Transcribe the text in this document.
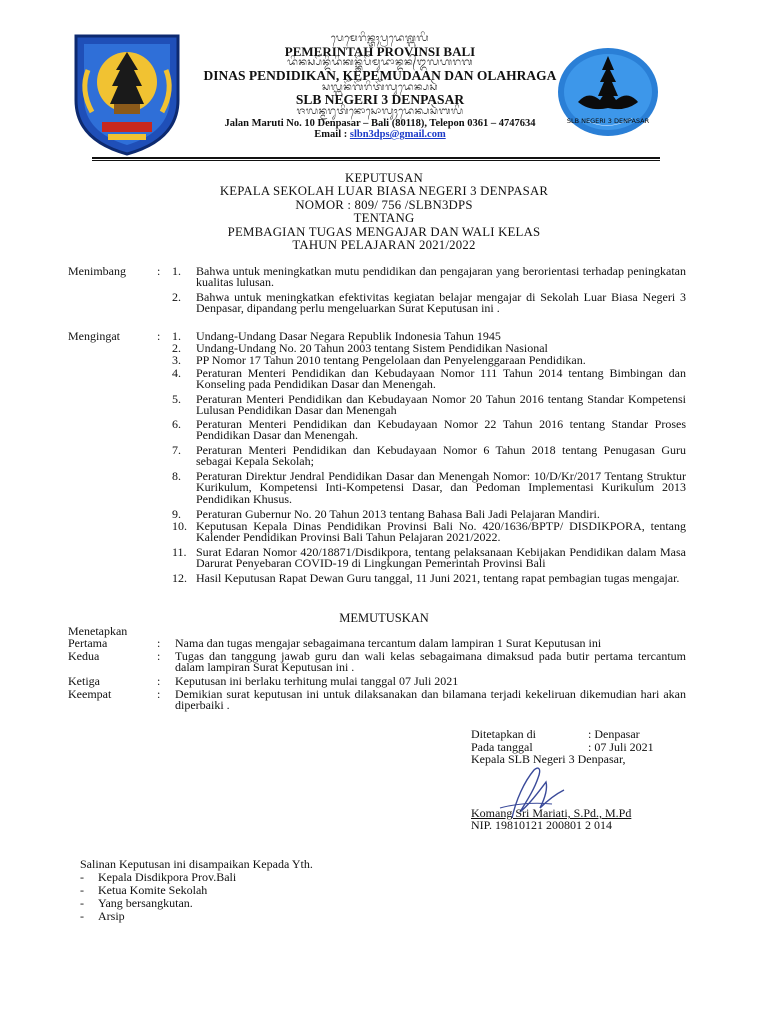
SLB NEGERI 3 DENPASAR
ᬧᬾᬫᬾᬭᬶᬦ᭄ᬢᬄᬧ᭄ᬭᬤᬾᬰ᭄ᬩᬮᬶ
PEMERINTAH PROVINSI BALI
ᬤᬶᬦᬲ᭄ᬧᭂᬦ᭄ᬤᬶᬤᬶᬓᬦ᭄ᬓᭂᬧᭂᬫᬸᬤᬵᬦ᭄ᬤᬦ᭄ᬑᬮᬳᬭᬕ
DINAS PENDIDIKAN, KEPEMUDAAN DAN OLAHRAGA
ᬲᬮ᭄ᬩᬦᭂᬕᭂᬭᬶᬢᭂᬮᬸᬤᬾᬦ᭄ᬧᬲᬃ
SLB NEGERI 3 DENPASAR
ᬚᬮᬦ᭄ᬫᬭᬸᬢᬶᬦᭀᬲᭀᬮᬸᬄᬤᬾᬦ᭄ᬧᬲᬃᬩᬮᬶ
Jalan Maruti No. 10 Denpasar – Bali (80118), Telepon 0361 – 4747634
Email : slbn3dps@gmail.com
KEPUTUSAN
KEPALA SEKOLAH LUAR BIASA NEGERI 3 DENPASAR
NOMOR : 809/ 756 /SLBN3DPS
TENTANG
PEMBAGIAN TUGAS MENGAJAR DAN WALI KELAS
TAHUN PELAJARAN 2021/2022
Menimbang	: 1.	Bahwa untuk meningkatkan mutu pendidikan dan pengajaran yang berorientasi terhadap peningkatan kualitas lulusan.
2.	Bahwa untuk meningkatkan efektivitas kegiatan belajar mengajar di Sekolah Luar Biasa Negeri 3 Denpasar, dipandang perlu mengeluarkan Surat Keputusan ini .
Mengingat	: 1.	Undang-Undang Dasar Negara Republik Indonesia Tahun 1945
2.	Undang-Undang No. 20 Tahun 2003 tentang Sistem Pendidikan Nasional
3.	PP Nomor 17 Tahun 2010 tentang Pengelolaan dan Penyelenggaraan Pendidikan.
4.	Peraturan Menteri Pendidikan dan Kebudayaan Nomor 111 Tahun 2014 tentang Bimbingan dan Konseling pada Pendidikan Dasar dan Menengah.
5.	Peraturan Menteri Pendidikan dan Kebudayaan Nomor 20 Tahun 2016 tentang Standar Kompetensi Lulusan Pendidikan Dasar dan Menengah
6.	Peraturan Menteri Pendidikan dan Kebudayaan Nomor 22 Tahun 2016 tentang Standar Proses Pendidikan Dasar dan Menengah.
7.	Peraturan Menteri Pendidikan dan Kebudayaan Nomor 6 Tahun 2018 tentang Penugasan Guru sebagai Kepala Sekolah;
8.	Peraturan Direktur Jendral Pendidikan Dasar dan Menengah Nomor: 10/D/Kr/2017 Tentang Struktur Kurikulum, Kompetensi Inti-Kompetensi Dasar, dan Pedoman Implementasi Kurikulum 2013 Pendidikan Khusus.
9.	Peraturan Gubernur No. 20 Tahun 2013 tentang Bahasa Bali Jadi Pelajaran Mandiri.
10. Keputusan Kepala Dinas Pendidikan Provinsi Bali No. 420/1636/BPTP/ DISDIKPORA, tentang Kalender Pendidikan Provinsi Bali Tahun Pelajaran 2021/2022.
11. Surat Edaran Nomor 420/18871/Disdikpora, tentang pelaksanaan Kebijakan Pendidikan dalam Masa Darurat Penyebaran COVID-19 di Lingkungan Pemerintah Provinsi Bali
12. Hasil Keputusan Rapat Dewan Guru tanggal, 11 Juni 2021, tentang rapat pembagian tugas mengajar.
MEMUTUSKAN
Menetapkan
Pertama	: Nama dan tugas mengajar sebagaimana tercantum dalam lampiran 1 Surat Keputusan ini
Kedua	: Tugas dan tanggung jawab guru dan wali kelas sebagaimana dimaksud pada butir pertama tercantum dalam lampiran Surat Keputusan ini .
Ketiga	: Keputusan ini berlaku terhitung mulai tanggal 07 Juli 2021
Keempat	: Demikian surat keputusan ini untuk dilaksanakan dan bilamana terjadi kekeliruan dikemudian hari akan diperbaiki .
Ditetapkan di	: Denpasar
Pada tanggal	: 07 Juli 2021
Kepala SLB Negeri 3 Denpasar,
Komang Sri Mariati, S.Pd., M.Pd
NIP. 19810121 200801 2 014
Salinan Keputusan ini disampaikan Kepada Yth.
- Kepala Disdikpora Prov.Bali
- Ketua Komite Sekolah
- Yang bersangkutan.
- Arsip
